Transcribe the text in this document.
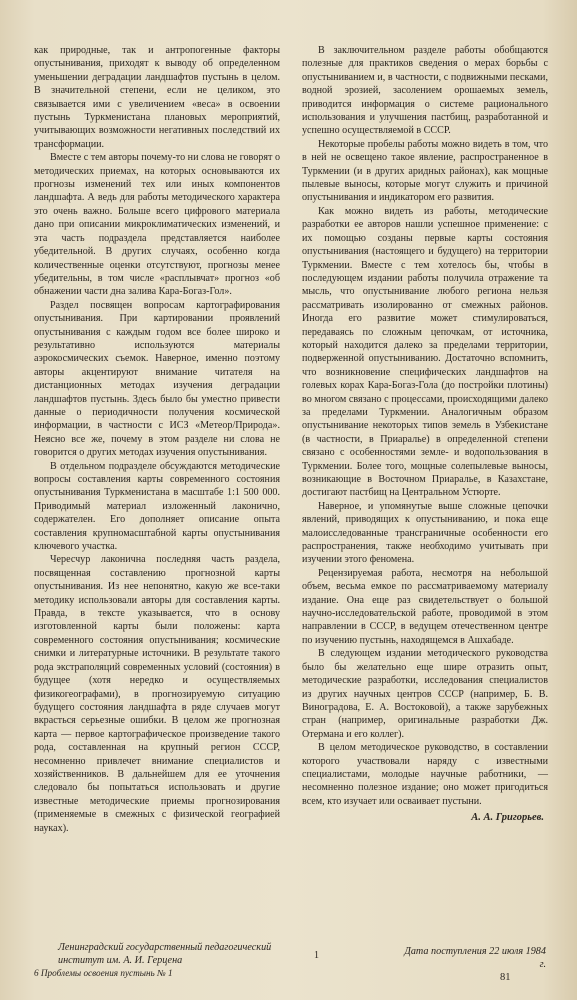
как природные, так и антропогенные факторы опустынивания, приходят к выводу об определенном уменьшении деградации ландшафтов пустынь в целом. В значительной степени, если не целиком, это связывается ими с увеличением «веса» в освоении пустынь Туркменистана плановых мероприятий, учитывающих возможности негативных последствий их трансформации.

Вместе с тем авторы почему-то ни слова не говорят о методических приемах, на которых основываются их прогнозы изменений тех или иных компонентов ландшафта. А ведь для работы методического характера это очень важно. Больше всего цифрового материала дано при описании микроклиматических изменений, и эта часть подраздела представляется наиболее убедительной. В других случаях, особенно когда количественные оценки отсутствуют, прогнозы менее убедительны, в том числе «расплывчат» прогноз «об обнажении части дна залива Кара-Богаз-Гол».

Раздел посвящен вопросам картографирования опустынивания. При картировании проявлений опустынивания с каждым годом все более широко и результативно используются материалы аэрокосмических съемок. Наверное, именно поэтому авторы акцентируют внимание читателя на дистанционных методах изучения деградации ландшафтов пустынь. Здесь было бы уместно привести данные о периодичности получения космической информации, в частности с ИСЗ «Метеор/Природа». Неясно все же, почему в этом разделе ни слова не говорится о других методах изучения опустынивания.

В отдельном подразделе обсуждаются методические вопросы составления карты современного состояния опустынивания Туркменистана в масштабе 1:1 500 000. Приводимый материал изложенный лаконично, содержателен. Его дополняет описание опыта составления крупномасштабной карты опустынивания ключевого участка.

Чересчур лаконична последняя часть раздела, посвященная составлению прогнозной карты опустынивания. Из нее непонятно, какую же все-таки методику использовали авторы для составления карты. Правда, в тексте указывается, что в основу изготовленной карты были положены: карта современного состояния опустынивания; космические снимки и литературные источники. В результате такого рода экстраполяций современных условий (состояния) в будущее (хотя нередко и осуществляемых физикогеографами), в прогнозируемую ситуацию будущего состояния ландшафта в ряде случаев могут вкрасться серьезные ошибки. В целом же прогнозная карта — первое картографическое произведение такого рода, составленная на крупный регион СССР, несомненно привлечет внимание специалистов и хозяйственников. В дальнейшем для ее уточнения следовало бы попытаться использовать и другие известные методические приемы прогнозирования (применяемые в смежных с физической географией науках).

В заключительном разделе работы обобщаются полезные для практиков сведения о мерах борьбы с опустыниванием и, в частности, с подвижными песками, водной эрозией, засолением орошаемых земель, приводится информация о системе рационального использования и улучшения пастбищ, разработанной и успешно осуществляемой в СССР.

Некоторые пробелы работы можно видеть в том, что в ней не освещено такое явление, распространенное в Туркмении (и в других аридных районах), как мощные пылевые выносы, которые могут служить и причиной опустынивания и индикатором его развития.

Как можно видеть из работы, методические разработки ее авторов нашли успешное применение: с их помощью созданы первые карты состояния опустынивания (настоящего и будущего) на территории Туркмении. Вместе с тем хотелось бы, чтобы в последующем издании работы получила отражение та мысль, что опустынивание любого региона нельзя рассматривать изолированно от смежных районов. Иногда его развитие может стимулироваться, передаваясь по сложным цепочкам, от источника, который находится далеко за пределами территории, подверженной опустыниванию. Достаточно вспомнить, что возникновение специфических ландшафтов на голевых корах Кара-Богаз-Гола (до постройки плотины) во многом связано с процессами, происходящими далеко за пределами Туркмении. Аналогичным образом опустынивание некоторых типов земель в Узбекистане (в частности, в Приаралье) в определенной степени связано с особенностями земле- и водопользования в Туркмении. Более того, мощные солепылевые выносы, возникающие в Восточном Приаралье, в Казахстане, достигают пастбищ на Центральном Устюрте.

Наверное, и упомянутые выше сложные цепочки явлений, приводящих к опустыниванию, и пока еще малоисследованные трансграничные особенности его распространения, также необходимо учитывать при изучении этого феномена.

Рецензируемая работа, несмотря на небольшой объем, весьма емкое по рассматриваемому материалу издание. Она еще раз свидетельствует о большой научно-исследовательской работе, проводимой в этом направлении в СССР, в ведущем отечественном центре по изучению пустынь, находящемся в Ашхабаде.

В следующем издании методического руководства было бы желательно еще шире отразить опыт, методические разработки, исследования специалистов из других научных центров СССР (например, Б. В. Виноградова, Е. А. Востоковой), а также зарубежных стран (например, оригинальные разработки Дж. Отермана и его коллег).

В целом методическое руководство, в составлении которого участвовали наряду с известными специалистами, молодые научные работники, — несомненно полезное издание; оно может пригодиться всем, кто изучает или осваивает пустыни.

А. А. Григорьев.
Ленинградский государственный педагогический институт им. А. И. Герцена
6 Проблемы освоения пустынь № 1
1	Дата поступления 22 июля 1984 г.
81
